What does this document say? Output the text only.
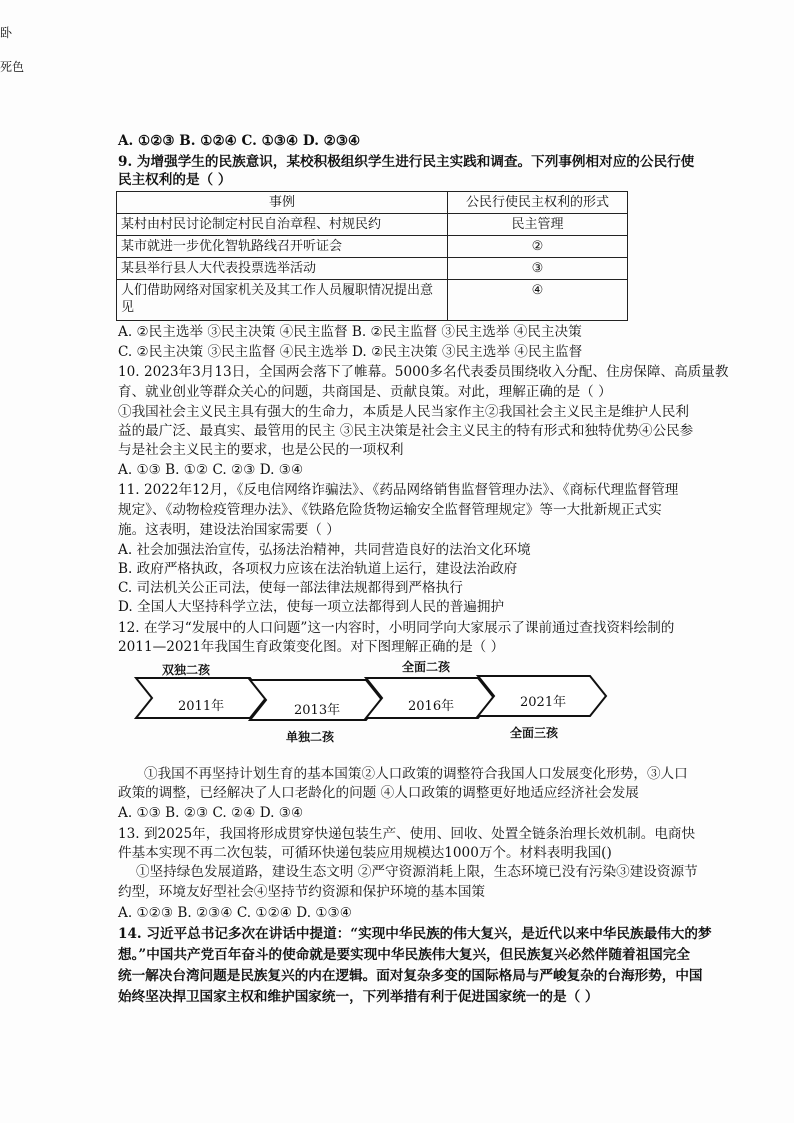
卧
死色
A. ①②③ B. ①②④ C. ①③④ D. ②③④
9. 为增强学生的民族意识，某校积极组织学生进行民主实践和调查。下列事例相对应的公民行使
民主权利的是（ ）
事例	公民行使民主权利的形式
某村由村民讨论制定村民自治章程、村规民约	民主管理
某市就进一步优化智轨路线召开听证会	②
某县举行县人大代表投票选举活动	③
人们借助网络对国家机关及其工作人员履职情况提出意见	④
A. ②民主选举 ③民主决策 ④民主监督 B. ②民主监督 ③民主选举 ④民主决策
C. ②民主决策 ③民主监督 ④民主选举 D. ②民主决策 ③民主选举 ④民主监督
10. 2023年3月13日，全国两会落下了帷幕。5000多名代表委员围绕收入分配、住房保障、高质量教
育、就业创业等群众关心的问题，共商国是、贡献良策。对此，理解正确的是（ ）
①我国社会主义民主具有强大的生命力，本质是人民当家作主②我国社会主义民主是维护人民利
益的最广泛、最真实、最管用的民主 ③民主决策是社会主义民主的特有形式和独特优势④公民参
与是社会主义民主的要求，也是公民的一项权利
A. ①③ B. ①② C. ②③ D. ③④
11. 2022年12月，《反电信网络诈骗法》、《药品网络销售监督管理办法》、《商标代理监督管理
规定》、《动物检疫管理办法》、《铁路危险货物运输安全监督管理规定》等一大批新规正式实
施。这表明，建设法治国家需要（ ）
A. 社会加强法治宣传，弘扬法治精神，共同营造良好的法治文化环境
B. 政府严格执政，各项权力应该在法治轨道上运行，建设法治政府
C. 司法机关公正司法，使每一部法律法规都得到严格执行
D. 全国人大坚持科学立法，使每一项立法都得到人民的普遍拥护
12. 在学习“发展中的人口问题”这一内容时，小明同学向大家展示了课前通过查找资料绘制的
2011—2021年我国生育政策变化图。对下图理解正确的是（ ）
2011年	2013年	2016年	2021年
双独二孩	全面二孩
单独二孩	全面三孩
①我国不再坚持计划生育的基本国策②人口政策的调整符合我国人口发展变化形势，③人口
政策的调整，已经解决了人口老龄化的问题 ④人口政策的调整更好地适应经济社会发展
A. ①③ B. ②③ C. ②④ D. ③④
13. 到2025年，我国将形成贯穿快递包装生产、使用、回收、处置全链条治理长效机制。电商快
件基本实现不再二次包装，可循环快递包装应用规模达1000万个。材料表明我国()
①坚持绿色发展道路，建设生态文明 ②严守资源消耗上限，生态环境已没有污染③建设资源节
约型，环境友好型社会④坚持节约资源和保护环境的基本国策
A. ①②③ B. ②③④ C. ①②④ D. ①③④
14. 习近平总书记多次在讲话中提道：“实现中华民族的伟大复兴，是近代以来中华民族最伟大的梦
想。”中国共产党百年奋斗的使命就是要实现中华民族伟大复兴，但民族复兴必然伴随着祖国完全
统一解决台湾问题是民族复兴的内在逻辑。面对复杂多变的国际格局与严峻复杂的台海形势，中国
始终坚决捍卫国家主权和维护国家统一，下列举措有利于促进国家统一的是（ ）
